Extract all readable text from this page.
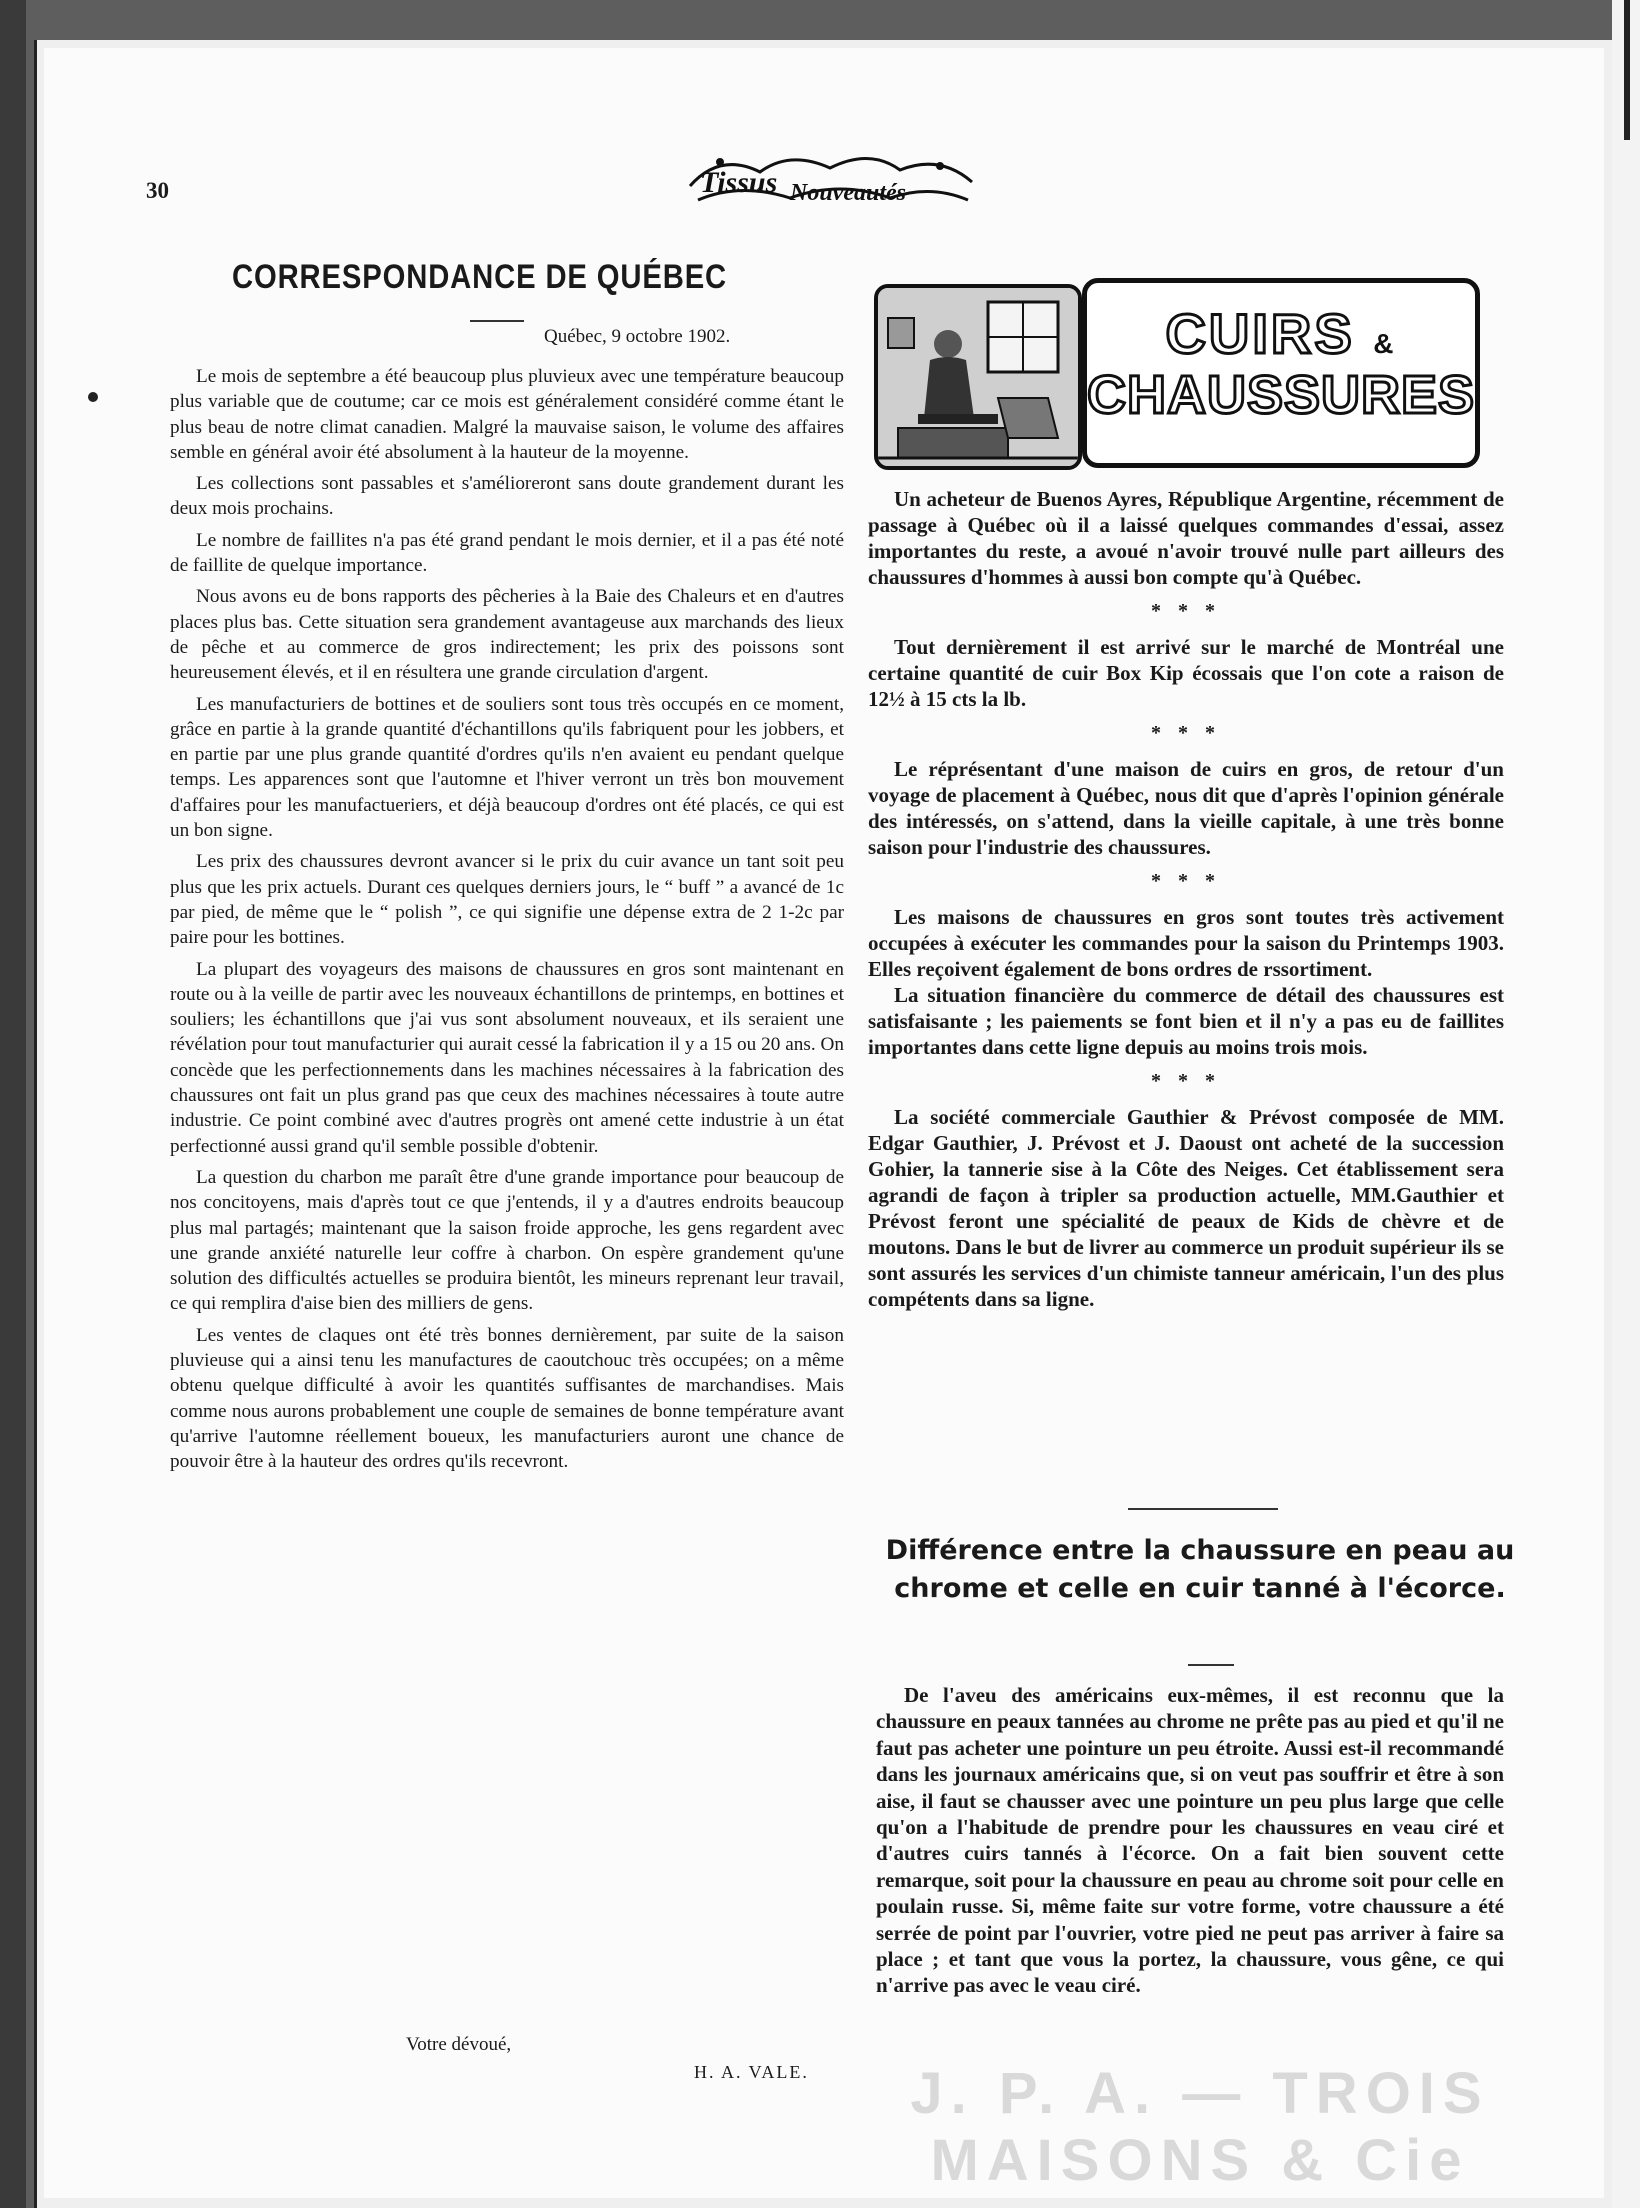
30	Tissus Nouveautés
CORRESPONDANCE DE QUÉBEC
Québec, 9 octobre 1902.

Le mois de septembre a été beaucoup plus pluvieux avec une température beaucoup plus variable que de coutume; car ce mois est généralement considéré comme étant le plus beau de notre climat canadien. Malgré la mauvaise saison, le volume des affaires semble en général avoir été absolument à la hauteur de la moyenne.

Les collections sont passables et s'amélioreront sans doute grandement durant les deux mois prochains.

Le nombre de faillites n'a pas été grand pendant le mois dernier, et il a pas été noté de faillite de quelque importance.

Nous avons eu de bons rapports des pêcheries à la Baie des Chaleurs et en d'autres places plus bas. Cette situation sera grandement avantageuse aux marchands des lieux de pêche et au commerce de gros indirectement; les prix des poissons sont heureusement élevés, et il en résultera une grande circulation d'argent.

Les manufacturiers de bottines et de souliers sont tous très occupés en ce moment, grâce en partie à la grande quantité d'échantillons qu'ils fabriquent pour les jobbers, et en partie par une plus grande quantité d'ordres qu'ils n'en avaient eu pendant quelque temps. Les apparences sont que l'automne et l'hiver verront un très bon mouvement d'affaires pour les manufactueriers, et déjà beaucoup d'ordres ont été placés, ce qui est un bon signe.

Les prix des chaussures devront avancer si le prix du cuir avance un tant soit peu plus que les prix actuels. Durant ces quelques derniers jours, le “ buff ” a avancé de 1c par pied, de même que le “ polish ”, ce qui signifie une dépense extra de 2 1-2c par paire pour les bottines.

La plupart des voyageurs des maisons de chaussures en gros sont maintenant en route ou à la veille de partir avec les nouveaux échantillons de printemps, en bottines et souliers; les échantillons que j'ai vus sont absolument nouveaux, et ils seraient une révélation pour tout manufacturier qui aurait cessé la fabrication il y a 15 ou 20 ans. On concède que les perfectionnements dans les machines nécessaires à la fabrication des chaussures ont fait un plus grand pas que ceux des machines nécessaires à toute autre industrie. Ce point combiné avec d'autres progrès ont amené cette industrie à un état perfectionné aussi grand qu'il semble possible d'obtenir.

La question du charbon me paraît être d'une grande importance pour beaucoup de nos concitoyens, mais d'après tout ce que j'entends, il y a d'autres endroits beaucoup plus mal partagés; maintenant que la saison froide approche, les gens regardent avec une grande anxiété naturelle leur coffre à charbon. On espère grandement qu'une solution des difficultés actuelles se produira bientôt, les mineurs reprenant leur travail, ce qui remplira d'aise bien des milliers de gens.

Les ventes de claques ont été très bonnes dernièrement, par suite de la saison pluvieuse qui a ainsi tenu les manufactures de caoutchouc très occupées; on a même obtenu quelque difficulté à avoir les quantités suffisantes de marchandises. Mais comme nous aurons probablement une couple de semaines de bonne température avant qu'arrive l'automne réellement boueux, les manufacturiers auront une chance de pouvoir être à la hauteur des ordres qu'ils recevront.

Votre dévoué,
H. A. VALE.
CUIRS &
CHAUSSURES

Un acheteur de Buenos Ayres, République Argentine, récemment de passage à Québec où il a laissé quelques commandes d'essai, assez importantes du reste, a avoué n'avoir trouvé nulle part ailleurs des chaussures d'hommes à aussi bon compte qu'à Québec.

* * *

Tout dernièrement il est arrivé sur le marché de Montréal une certaine quantité de cuir Box Kip écossais que l'on cote a raison de 12½ à 15 cts la lb.

* * *

Le réprésentant d'une maison de cuirs en gros, de retour d'un voyage de placement à Québec, nous dit que d'après l'opinion générale des intéressés, on s'attend, dans la vieille capitale, à une très bonne saison pour l'industrie des chaussures.

* * *

Les maisons de chaussures en gros sont toutes très activement occupées à exécuter les commandes pour la saison du Printemps 1903. Elles reçoivent également de bons ordres de rssortiment.

La situation financière du commerce de détail des chaussures est satisfaisante ; les paiements se font bien et il n'y a pas eu de faillites importantes dans cette ligne depuis au moins trois mois.

* * *

La société commerciale Gauthier & Prévost composée de MM. Edgar Gauthier, J. Prévost et J. Daoust ont acheté de la succession Gohier, la tannerie sise à la Côte des Neiges. Cet établissement sera agrandi de façon à tripler sa production actuelle, MM.Gauthier et Prévost feront une spécialité de peaux de Kids de chèvre et de moutons. Dans le but de livrer au commerce un produit supérieur ils se sont assurés les services d'un chimiste tanneur américain, l'un des plus compétents dans sa ligne.

Différence entre la chaussure en peau au chrome et celle en cuir tanné à l'écorce.

De l'aveu des américains eux-mêmes, il est reconnu que la chaussure en peaux tannées au chrome ne prête pas au pied et qu'il ne faut pas acheter une pointure un peu étroite. Aussi est-il recommandé dans les journaux américains que, si on veut pas souffrir et être à son aise, il faut se chausser avec une pointure un peu plus large que celle qu'on a l'habitude de prendre pour les chaussures en veau ciré et d'autres cuirs tannés à l'écorce. On a fait bien souvent cette remarque, soit pour la chaussure en peau au chrome soit pour celle en poulain russe. Si, même faite sur votre forme, votre chaussure a été serrée de point par l'ouvrier, votre pied ne peut pas arriver à faire sa place ; et tant que vous la portez, la chaussure, vous gêne, ce qui n'arrive pas avec le veau ciré.

J. P. A. — TROIS MAISONS & Cie
